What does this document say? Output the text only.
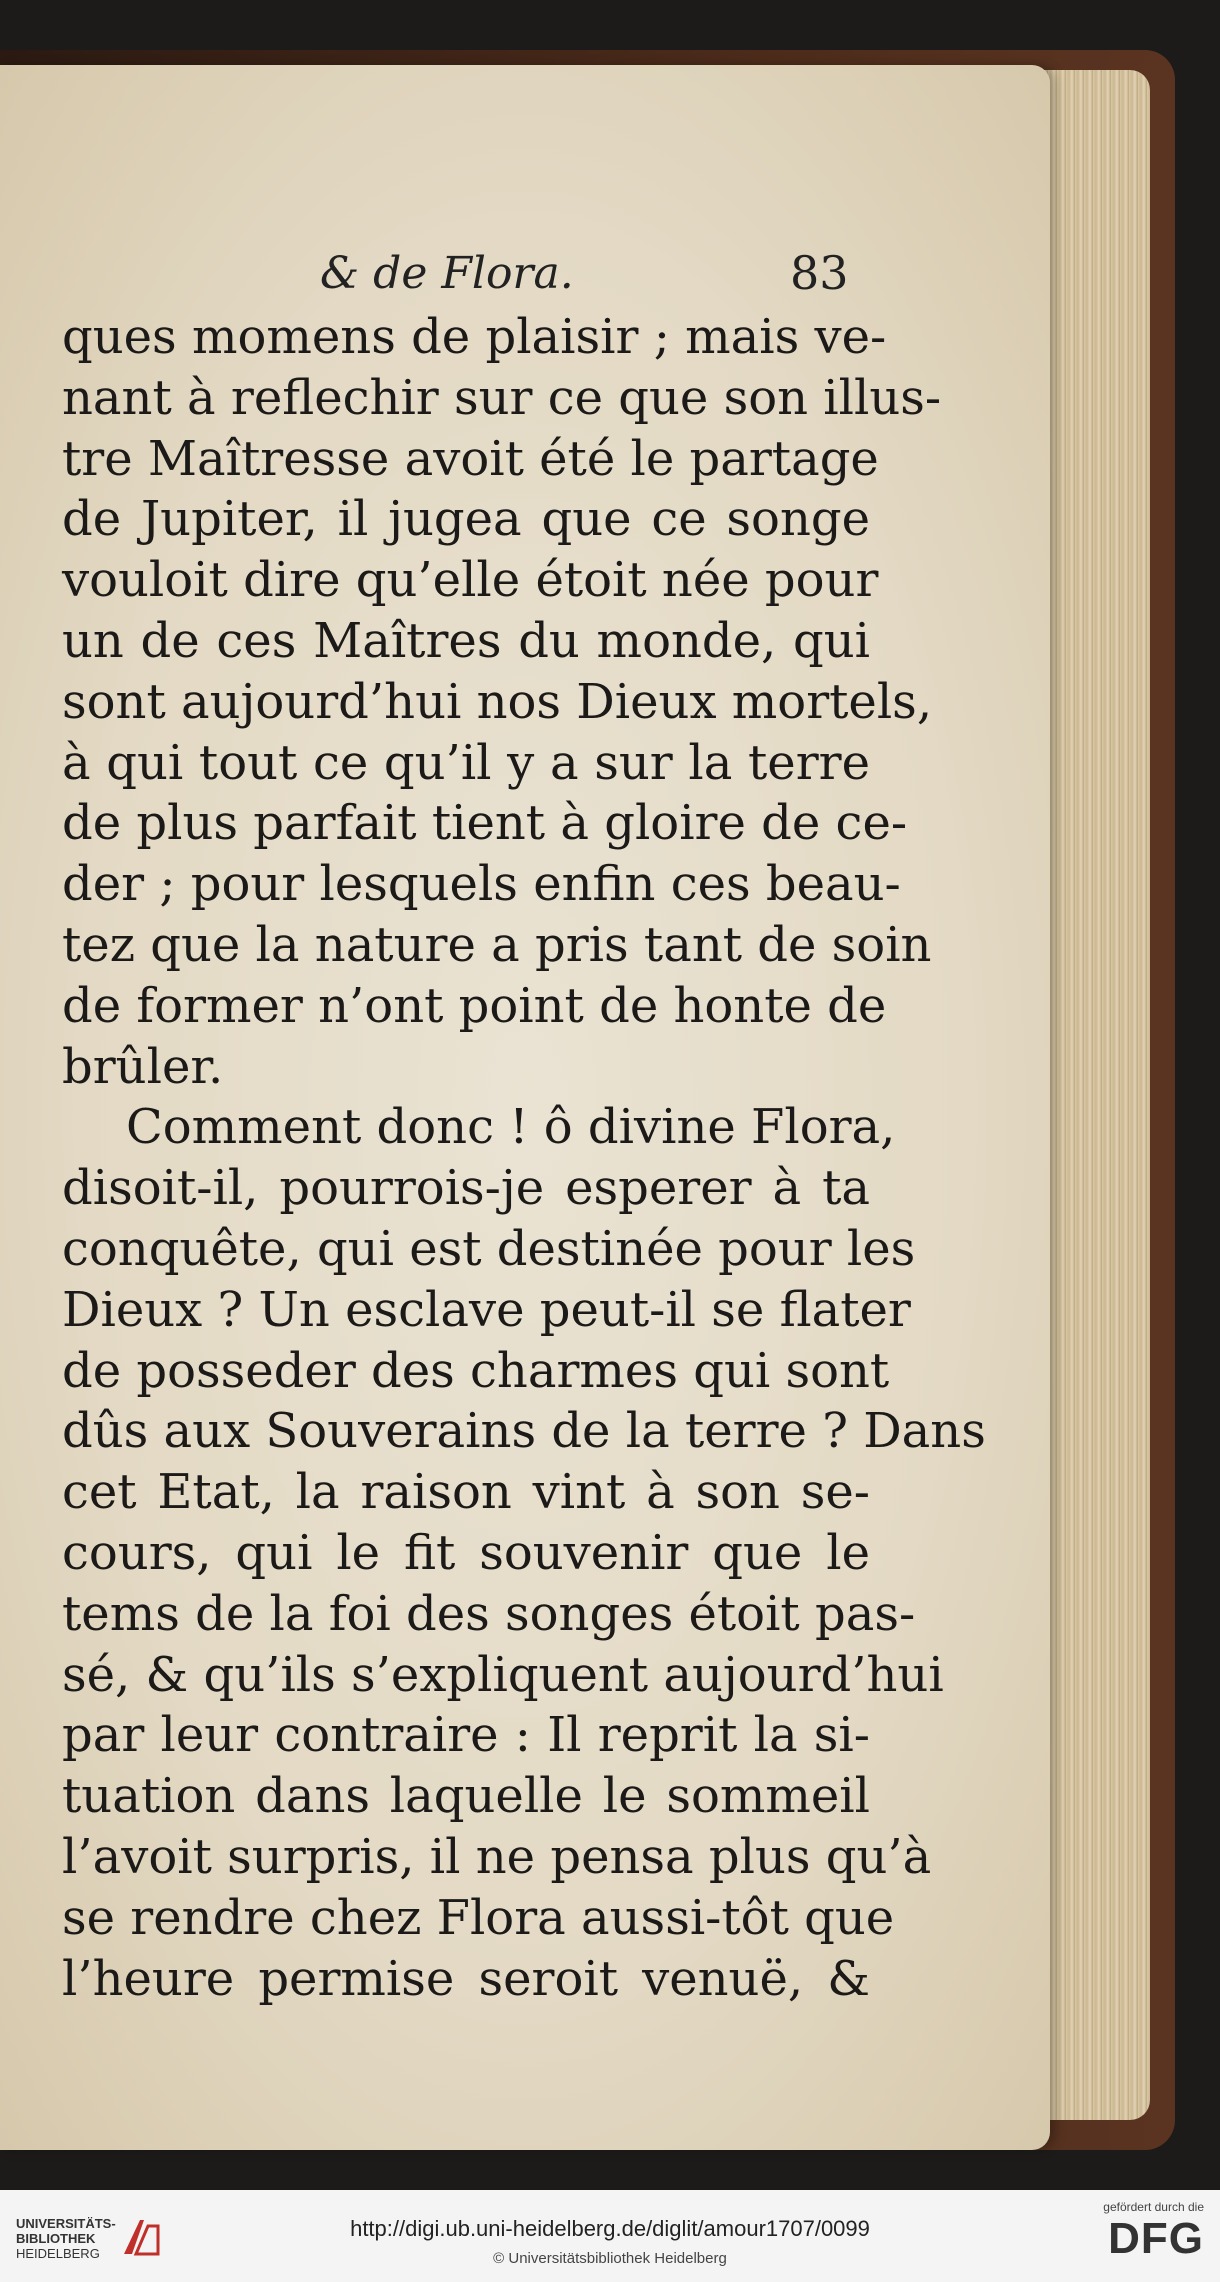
& de Flora.	83
ques momens de plaisir ; mais ve-
nant à reflechir sur ce que son illus-
tre Maîtresse avoit été le partage
de Jupiter, il jugea que ce songe
vouloit dire qu’elle étoit née pour
un de ces Maîtres du monde, qui
sont aujourd’hui nos Dieux mortels,
à qui tout ce qu’il y a sur la terre
de plus parfait tient à gloire de ce-
der ; pour lesquels enfin ces beau-
tez que la nature a pris tant de soin
de former n’ont point de honte de
brûler.
Comment donc ! ô divine Flora,
disoit-il, pourrois-je esperer à ta
conquête, qui est destinée pour les
Dieux ? Un esclave peut-il se flater
de posseder des charmes qui sont
dûs aux Souverains de la terre ? Dans
cet Etat, la raison vint à son se-
cours, qui le fit souvenir que le
tems de la foi des songes étoit pas-
sé, & qu’ils s’expliquent aujourd’hui
par leur contraire : Il reprit la si-
tuation dans laquelle le sommeil
l’avoit surpris, il ne pensa plus qu’à
se rendre chez Flora aussi-tôt que
l’heure permise seroit venuë, &
UNIVERSITÄTS-
BIBLIOTHEK
HEIDELBERG
http://digi.ub.uni-heidelberg.de/diglit/amour1707/0099
© Universitätsbibliothek Heidelberg
gefördert durch die
DFG
